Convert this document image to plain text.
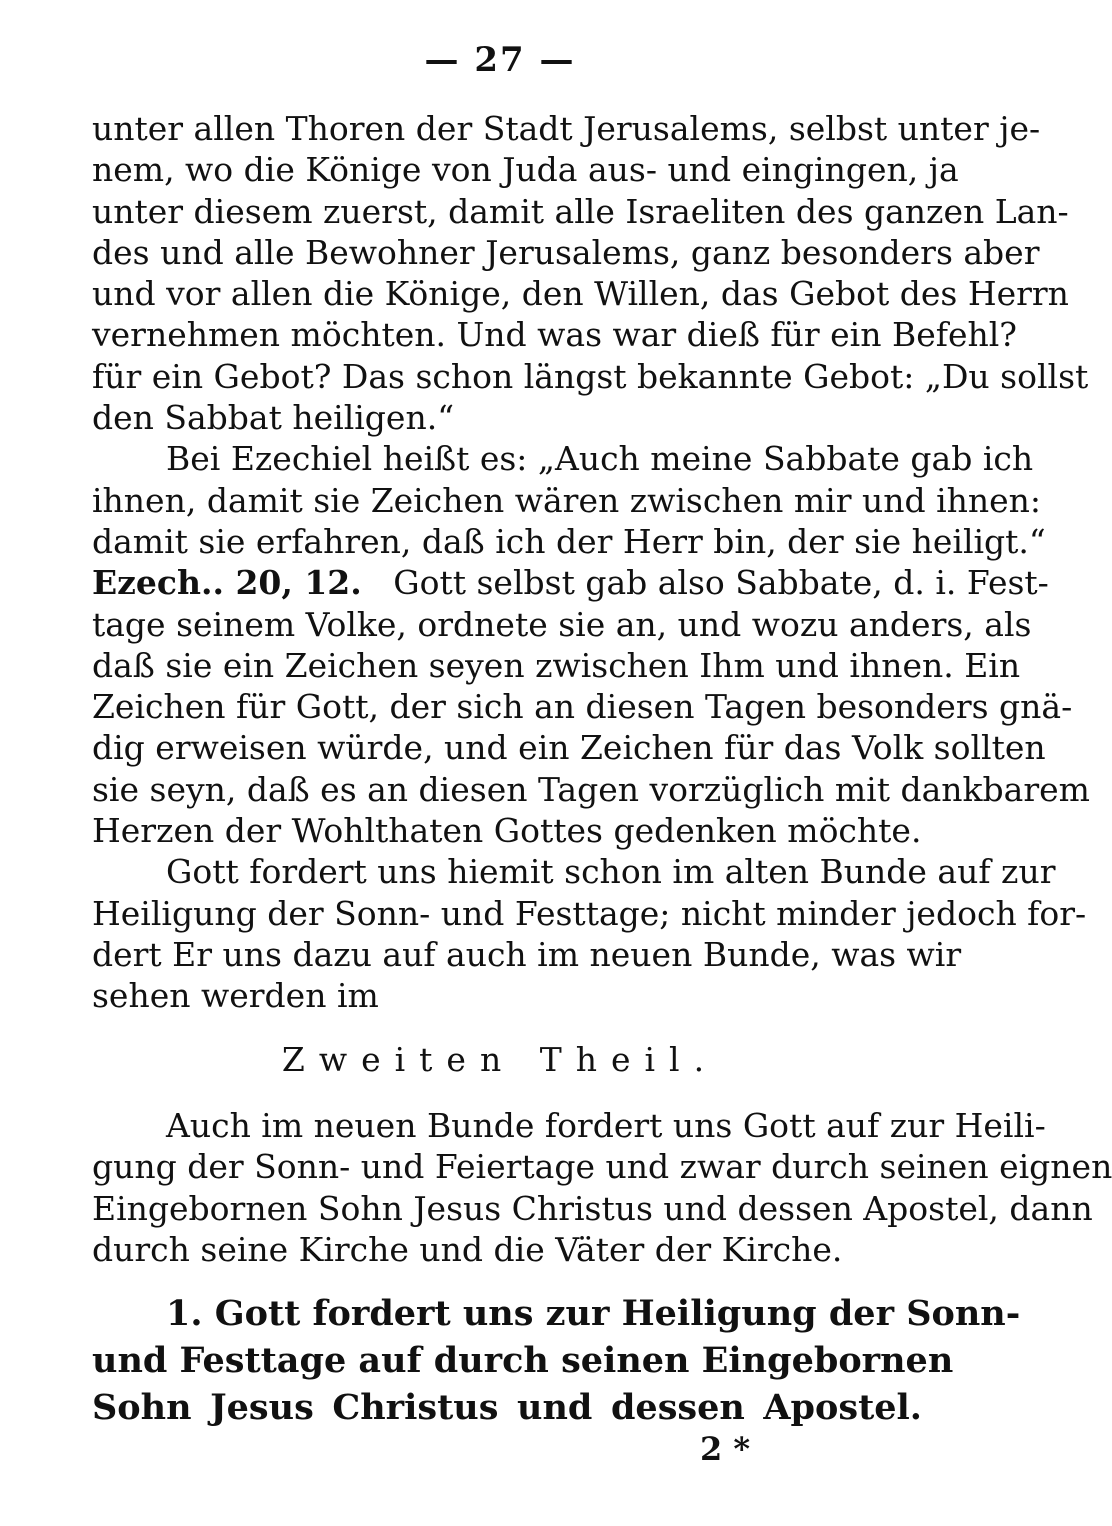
— 27 —
unter allen Thoren der Stadt Jerusalems, selbst unter je-
nem, wo die Könige von Juda aus- und eingingen, ja
unter diesem zuerst, damit alle Israeliten des ganzen Lan-
des und alle Bewohner Jerusalems, ganz besonders aber
und vor allen die Könige, den Willen, das Gebot des Herrn
vernehmen möchten. Und was war dieß für ein Befehl?
für ein Gebot? Das schon längst bekannte Gebot: „Du sollst
den Sabbat heiligen.“
Bei Ezechiel heißt es: „Auch meine Sabbate gab ich
ihnen, damit sie Zeichen wären zwischen mir und ihnen:
damit sie erfahren, daß ich der Herr bin, der sie heiligt.“
Ezech.. 20, 12. Gott selbst gab also Sabbate, d. i. Fest-
tage seinem Volke, ordnete sie an, und wozu anders, als
daß sie ein Zeichen seyen zwischen Ihm und ihnen. Ein
Zeichen für Gott, der sich an diesen Tagen besonders gnä-
dig erweisen würde, und ein Zeichen für das Volk sollten
sie seyn, daß es an diesen Tagen vorzüglich mit dankbarem
Herzen der Wohlthaten Gottes gedenken möchte.
Gott fordert uns hiemit schon im alten Bunde auf zur
Heiligung der Sonn- und Festtage; nicht minder jedoch for-
dert Er uns dazu auf auch im neuen Bunde, was wir
sehen werden im
Zweiten Theil.
Auch im neuen Bunde fordert uns Gott auf zur Heili-
gung der Sonn- und Feiertage und zwar durch seinen eignen
Eingebornen Sohn Jesus Christus und dessen Apostel, dann
durch seine Kirche und die Väter der Kirche.
1. Gott fordert uns zur Heiligung der Sonn-
und Festtage auf durch seinen Eingebornen
Sohn Jesus Christus und dessen Apostel.
2 *
